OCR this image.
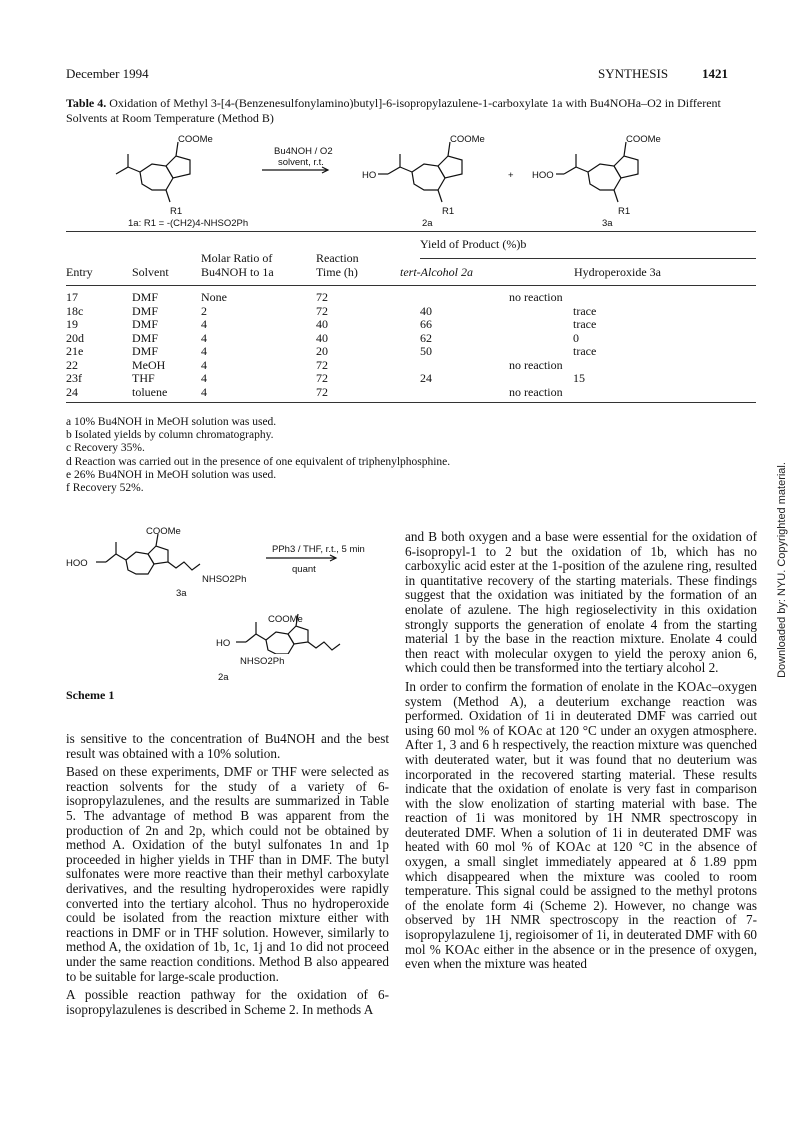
December 1994	SYNTHESIS	1421
Downloaded by: NYU. Copyrighted material.
Table 4. Oxidation of Methyl 3-[4-(Benzenesulfonylamino)butyl]-6-isopropylazulene-1-carboxylate 1a with Bu4NOHa–O2 in Different Solvents at Room Temperature (Method B)
COOMe
R1
Bu4NOH / O2
solvent, r.t.
HO
COOMe
R1
+ HOO
COOMe
R1
1a: R1 = -(CH2)4-NHSO2Ph	2a	3a
Yield of Product (%)b
Molar Ratio of	Reaction
Entry	Solvent	Bu4NOH to 1a	Time (h)	tert-Alcohol 2a	Hydroperoxide 3a
17	DMF	None	72	no reaction
18c	DMF	2	72	40	trace
19	DMF	4	40	66	trace
20d	DMF	4	40	62	0
21e	DMF	4	20	50	trace
22	MeOH	4	72	no reaction
23f	THF	4	72	24	15
24	toluene	4	72	no reaction
a 10% Bu4NOH in MeOH solution was used.
b Isolated yields by column chromatography.
c Recovery 35%.
d Reaction was carried out in the presence of one equivalent of triphenylphosphine.
e 26% Bu4NOH in MeOH solution was used.
f Recovery 52%.
HOO
COOMe
NHSO2Ph
3a
PPh3 / THF, r.t., 5 min
quant
COOMe
HO
NHSO2Ph
2a
Scheme 1

is sensitive to the concentration of Bu4NOH and the best result was obtained with a 10% solution.

Based on these experiments, DMF or THF were selected as reaction solvents for the study of a variety of 6-isopropylazulenes, and the results are summarized in Table 5. The advantage of method B was apparent from the production of 2n and 2p, which could not be obtained by method A. Oxidation of the butyl sulfonates 1n and 1p proceeded in higher yields in THF than in DMF. The butyl sulfonates were more reactive than their methyl carboxylate derivatives, and the resulting hydroperoxides were rapidly converted into the tertiary alcohol. Thus no hydroperoxide could be isolated from the reaction mixture either with reactions in DMF or in THF solution. However, similarly to method A, the oxidation of 1b, 1c, 1j and 1o did not proceed under the same reaction conditions. Method B also appeared to be suitable for large-scale production.

A possible reaction pathway for the oxidation of 6-isopropylazulenes is described in Scheme 2. In methods A

and B both oxygen and a base were essential for the oxidation of 6-isopropyl-1 to 2 but the oxidation of 1b, which has no carboxylic acid ester at the 1-position of the azulene ring, resulted in quantitative recovery of the starting materials. These findings suggest that the oxidation was initiated by the formation of an enolate of azulene. The high regioselectivity in this oxidation strongly supports the generation of enolate 4 from the starting material 1 by the base in the reaction mixture. Enolate 4 could then react with molecular oxygen to yield the peroxy anion 6, which could then be transformed into the tertiary alcohol 2.

In order to confirm the formation of enolate in the KOAc–oxygen system (Method A), a deuterium exchange reaction was performed. Oxidation of 1i in deuterated DMF was carried out using 60 mol % of KOAc at 120 °C under an oxygen atmosphere. After 1, 3 and 6 h respectively, the reaction mixture was quenched with deuterated water, but it was found that no deuterium was incorporated in the recovered starting material. These results indicate that the oxidation of enolate is very fast in comparison with the slow enolization of starting material with base. The reaction of 1i was monitored by 1H NMR spectroscopy in deuterated DMF. When a solution of 1i in deuterated DMF was heated with 60 mol % of KOAc at 120 °C in the absence of oxygen, a small singlet immediately appeared at δ 1.89 ppm which disappeared when the mixture was cooled to room temperature. This signal could be assigned to the methyl protons of the enolate form 4i (Scheme 2). However, no change was observed by 1H NMR spectroscopy in the reaction of 7-isopropylazulene 1j, regioisomer of 1i, in deuterated DMF with 60 mol % KOAc either in the absence or in the presence of oxygen, even when the mixture was heated
